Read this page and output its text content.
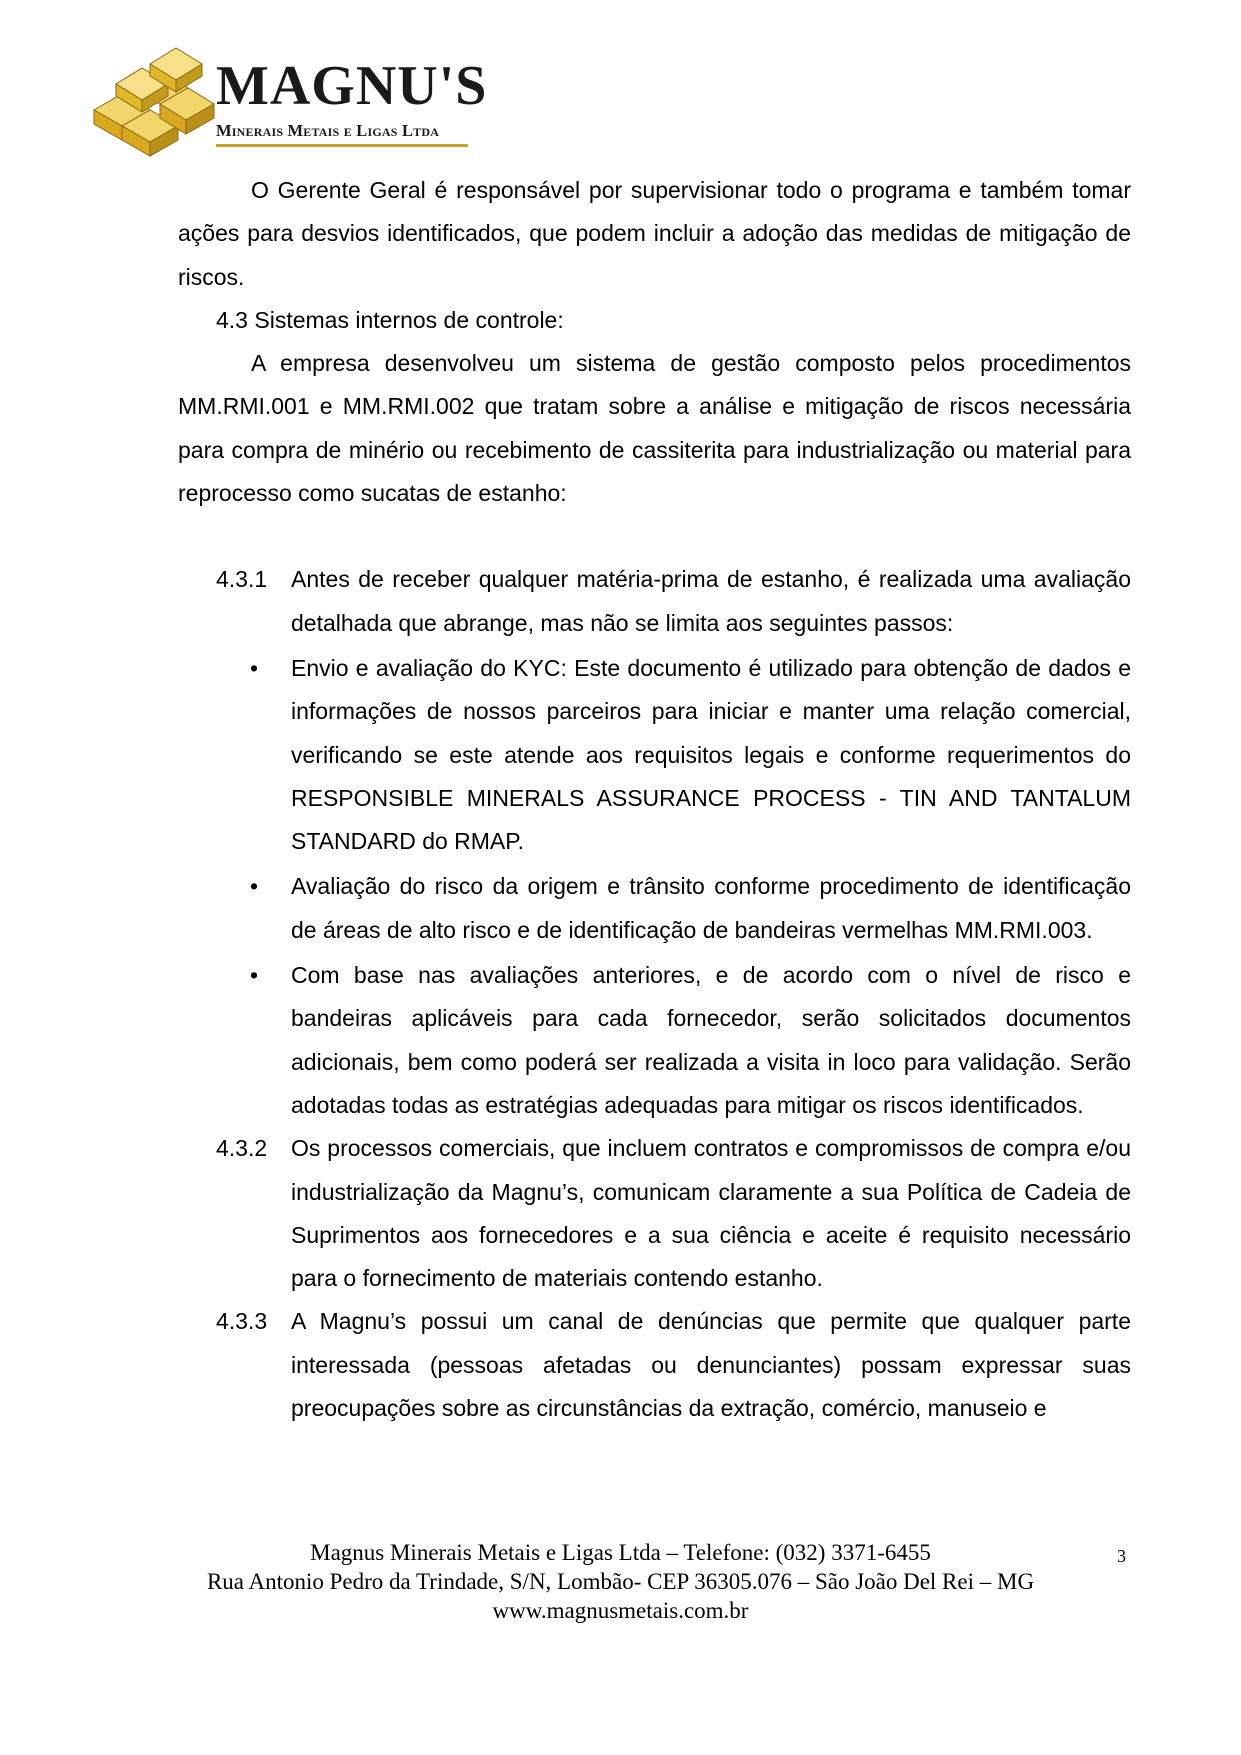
MAGNU'S
Minerais Metais e Ligas Ltda

O Gerente Geral é responsável por supervisionar todo o programa e também tomar ações para desvios identificados, que podem incluir a adoção das medidas de mitigação de riscos.

4.3 Sistemas internos de controle:

A empresa desenvolveu um sistema de gestão composto pelos procedimentos MM.RMI.001 e MM.RMI.002 que tratam sobre a análise e mitigação de riscos necessária para compra de minério ou recebimento de cassiterita para industrialização ou material para reprocesso como sucatas de estanho:

4.3.1 Antes de receber qualquer matéria-prima de estanho, é realizada uma avaliação detalhada que abrange, mas não se limita aos seguintes passos:
• Envio e avaliação do KYC: Este documento é utilizado para obtenção de dados e informações de nossos parceiros para iniciar e manter uma relação comercial, verificando se este atende aos requisitos legais e conforme requerimentos do RESPONSIBLE MINERALS ASSURANCE PROCESS - TIN AND TANTALUM STANDARD do RMAP.
• Avaliação do risco da origem e trânsito conforme procedimento de identificação de áreas de alto risco e de identificação de bandeiras vermelhas MM.RMI.003.
• Com base nas avaliações anteriores, e de acordo com o nível de risco e bandeiras aplicáveis para cada fornecedor, serão solicitados documentos adicionais, bem como poderá ser realizada a visita in loco para validação. Serão adotadas todas as estratégias adequadas para mitigar os riscos identificados.
4.3.2 Os processos comerciais, que incluem contratos e compromissos de compra e/ou industrialização da Magnu’s, comunicam claramente a sua Política de Cadeia de Suprimentos aos fornecedores e a sua ciência e aceite é requisito necessário para o fornecimento de materiais contendo estanho.
4.3.3 A Magnu’s possui um canal de denúncias que permite que qualquer parte interessada (pessoas afetadas ou denunciantes) possam expressar suas preocupações sobre as circunstâncias da extração, comércio, manuseio e
Magnus Minerais Metais e Ligas Ltda – Telefone: (032) 3371-6455
Rua Antonio Pedro da Trindade, S/N, Lombão- CEP 36305.076 – São João Del Rei – MG
www.magnusmetais.com.br
3
